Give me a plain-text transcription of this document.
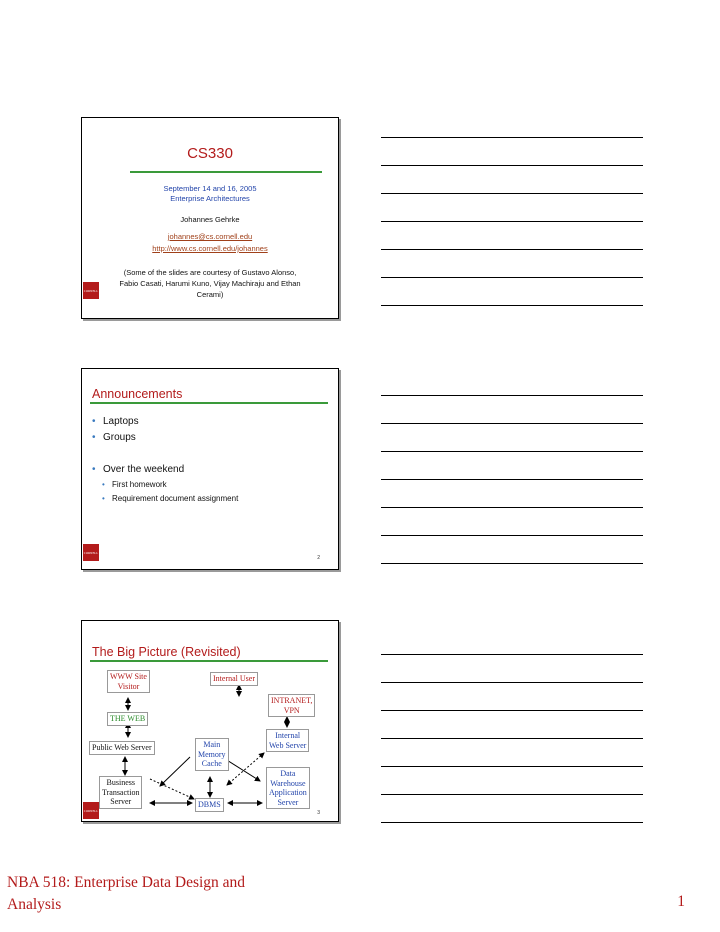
CS330
September 14 and 16, 2005
Enterprise Architectures
Johannes Gehrke
johannes@cs.cornell.edu
http://www.cs.cornell.edu/johannes
(Some of the slides are courtesy of Gustavo Alonso,
Fabio Casati, Harumi Kuno, Vijay Machiraju and Ethan
Cerami)
CORNELL
Announcements
• Laptops
• Groups
• Over the weekend
• First homework
• Requirement document assignment
CORNELL
2
The Big Picture (Revisited)
WWW Site
Visitor
Internal User
INTRANET,
VPN
THE WEB
Internal
Web Server
Main
Memory
Cache
Public Web Server
Data
Warehouse
Application
Server
Business
Transaction
Server	DBMS
CORNELL	3
NBA 518: Enterprise Data Design and
Analysis	1
